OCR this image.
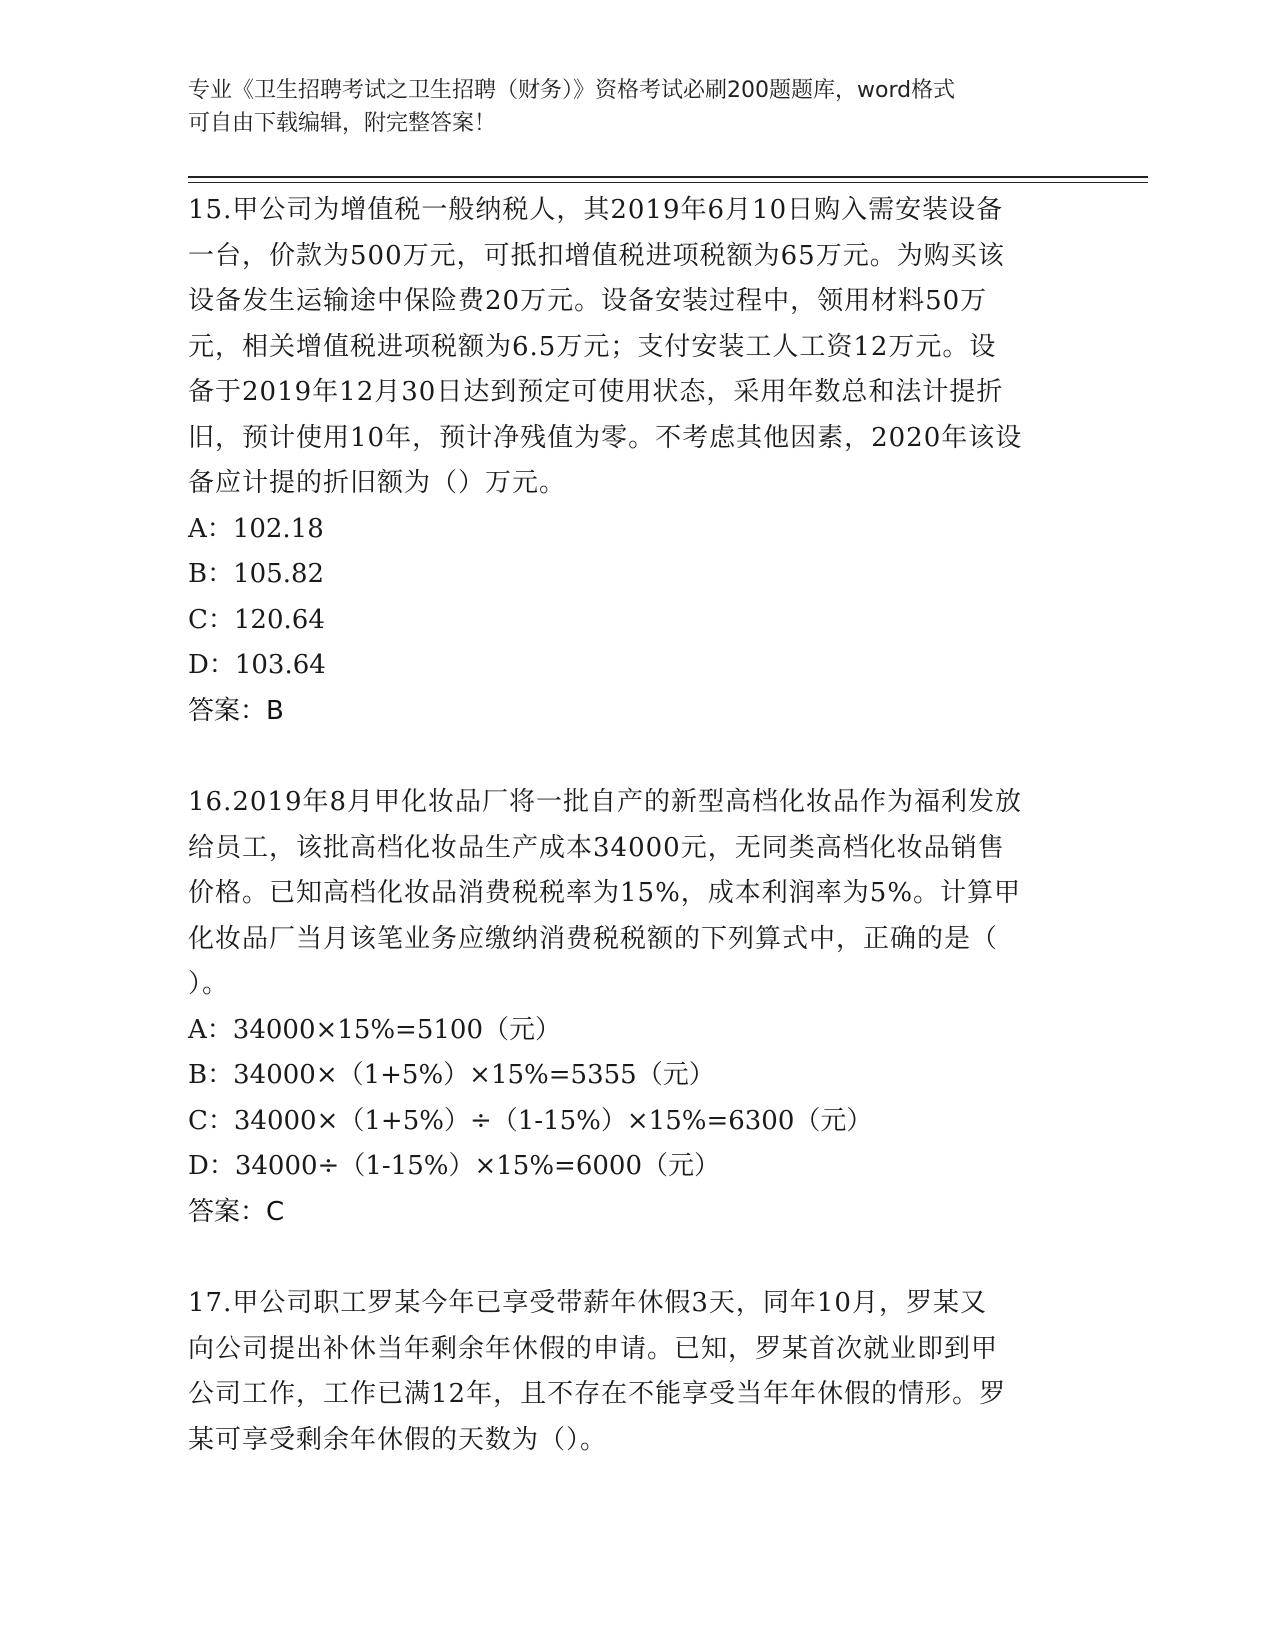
专业《卫生招聘考试之卫生招聘（财务）》资格考试必刷200题题库，word格式
可自由下载编辑，附完整答案！

15.甲公司为增值税一般纳税人，其2019年6月10日购入需安装设备

一台，价款为500万元，可抵扣增值税进项税额为65万元。为购买该

设备发生运输途中保险费20万元。设备安装过程中，领用材料50万

元，相关增值税进项税额为6.5万元；支付安装工人工资12万元。设

备于2019年12月30日达到预定可使用状态，采用年数总和法计提折

旧，预计使用10年，预计净残值为零。不考虑其他因素，2020年该设

备应计提的折旧额为（）万元。

A：102.18

B：105.82

C：120.64

D：103.64

答案：B

16.2019年8月甲化妆品厂将一批自产的新型高档化妆品作为福利发放

给员工，该批高档化妆品生产成本34000元，无同类高档化妆品销售

价格。已知高档化妆品消费税税率为15%，成本利润率为5%。计算甲

化妆品厂当月该笔业务应缴纳消费税税额的下列算式中，正确的是（

）。

A：34000×15%=5100（元）

B：34000×（1+5%）×15%=5355（元）

C：34000×（1+5%）÷（1-15%）×15%=6300（元）

D：34000÷（1-15%）×15%=6000（元）

答案：C

17.甲公司职工罗某今年已享受带薪年休假3天，同年10月，罗某又

向公司提出补休当年剩余年休假的申请。已知，罗某首次就业即到甲

公司工作，工作已满12年，且不存在不能享受当年年休假的情形。罗

某可享受剩余年休假的天数为（）。
